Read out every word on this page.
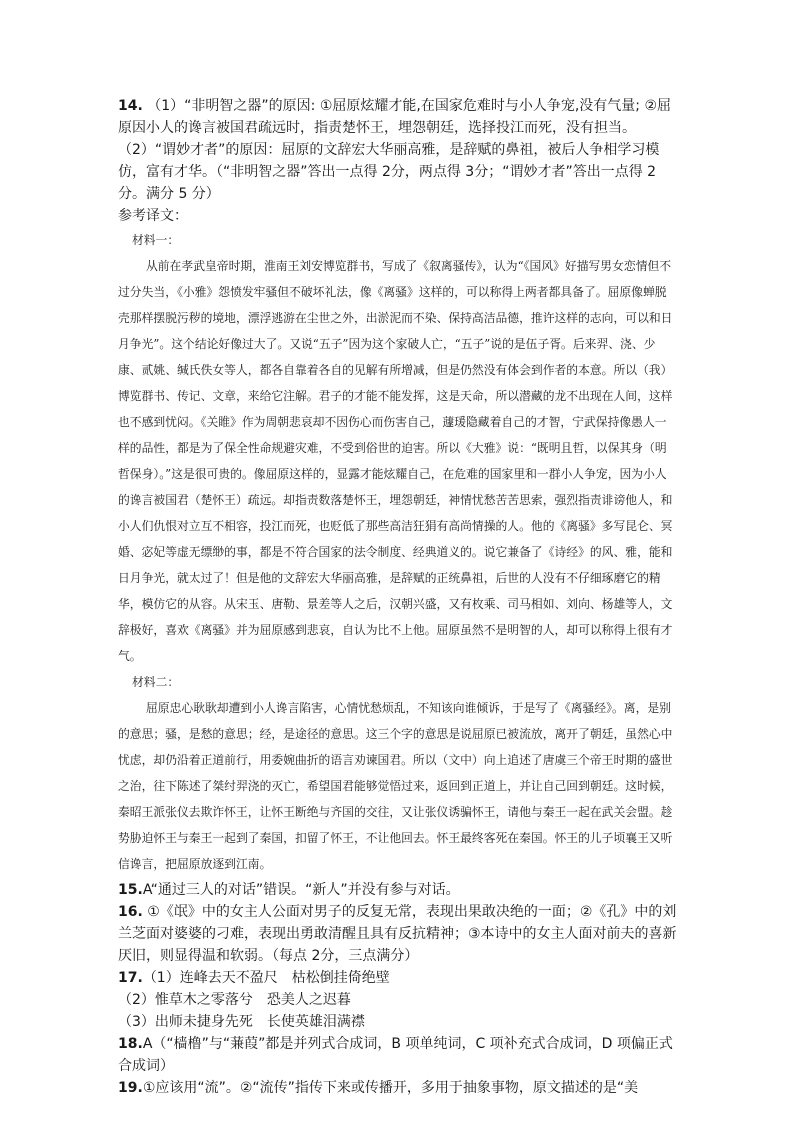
14. （1）“非明智之器”的原因: ①屈原炫耀才能,在国家危难时与小人争宠,没有气量; ②屈原因小人的谗言被国君疏远时，指责楚怀王，埋怨朝廷，选择投江而死，没有担当。

（2）“谓妙才者”的原因：屈原的文辞宏大华丽高雅，是辞赋的鼻祖，被后人争相学习模仿，富有才华。（“非明智之器”答出一点得 2分，两点得 3分；“谓妙才者”答出一点得 2分。满分 5 分）

参考译文：

材料一：

从前在孝武皇帝时期，淮南王刘安博览群书，写成了《叙离骚传》，认为“《国风》好描写男女恋情但不过分失当，《小雅》怨愤发牢骚但不破坏礼法，像《离骚》这样的，可以称得上两者都具备了。屈原像蝉脱壳那样摆脱污秽的境地，漂浮逃游在尘世之外，出淤泥而不染、保持高洁品德，推许这样的志向，可以和日月争光”。这个结论好像过大了。又说“五子”因为这个家破人亡，“五子”说的是伍子胥。后来羿、浇、少康、贰姚、缄氏佚女等人，都各自靠着各自的见解有所增减，但是仍然没有体会到作者的本意。所以（我）博览群书、传记、文章，来给它注解。君子的才能不能发挥，这是天命，所以潜藏的龙不出现在人间，这样也不感到忧闷。《关睢》作为周朝悲哀却不因伤心而伤害自己，蘧瑗隐藏着自己的才智，宁武保持像愚人一样的品性，都是为了保全性命规避灾难，不受到俗世的迫害。所以《大雅》说：“既明且哲，以保其身（明哲保身）。”这是很可贵的。像屈原这样的，显露才能炫耀自己，在危难的国家里和一群小人争宠，因为小人的谗言被国君（楚怀王）疏远。却指责数落楚怀王，埋怨朝廷，神情忧愁苦苦思索，强烈指责诽谤他人，和小人们仇恨对立互不相容，投江而死，也贬低了那些高洁狂狷有高尚情操的人。他的《离骚》多写昆仑、冥婚、宓妃等虚无缥缈的事，都是不符合国家的法令制度、经典道义的。说它兼备了《诗经》的风、雅，能和日月争光，就太过了！但是他的文辞宏大华丽高雅，是辞赋的正统鼻祖，后世的人没有不仔细琢磨它的精华，模仿它的从容。从宋玉、唐勒、景差等人之后，汉朝兴盛，又有枚乘、司马相如、刘向、杨雄等人，文辞极好，喜欢《离骚》并为屈原感到悲哀，自认为比不上他。屈原虽然不是明智的人，却可以称得上很有才气。

材料二：

屈原忠心耿耿却遭到小人谗言陷害，心情忧愁烦乱，不知该向谁倾诉，于是写了《离骚经》。离，是别的意思；骚，是愁的意思；经，是途径的意思。这三个字的意思是说屈原已被流放，离开了朝廷，虽然心中忧虑，却仍沿着正道前行，用委婉曲折的语言劝谏国君。所以（文中）向上追述了唐虞三个帝王时期的盛世之治，往下陈述了桀纣羿浇的灭亡，希望国君能够觉悟过来，返回到正道上，并让自己回到朝廷。这时候，秦昭王派张仪去欺诈怀王，让怀王断绝与齐国的交往，又让张仪诱骗怀王，请他与秦王一起在武关会盟。趁势胁迫怀王与秦王一起到了秦国，扣留了怀王，不让他回去。怀王最终客死在秦国。怀王的儿子顷襄王又听信谗言，把屈原放逐到江南。

15.A“通过三人的对话”错误。“新人”并没有参与对话。

16. ①《氓》中的女主人公面对男子的反复无常，表现出果敢决绝的一面；②《孔》中的刘兰芝面对婆婆的刁难，表现出勇敢清醒且具有反抗精神；③本诗中的女主人面对前夫的喜新厌旧，则显得温和软弱。（每点 2分，三点满分）

17.（1）连峰去天不盈尺　枯松倒挂倚绝壁

（2）惟草木之零落兮　恐美人之迟暮

（3）出师未捷身先死　长使英雄泪满襟

18.A（“樯橹”与“蒹葭”都是并列式合成词，B 项单纯词，C 项补充式合成词，D 项偏正式合成词）

19.①应该用“流”。②“流传”指传下来或传播开，多用于抽象事物，原文描述的是“美
